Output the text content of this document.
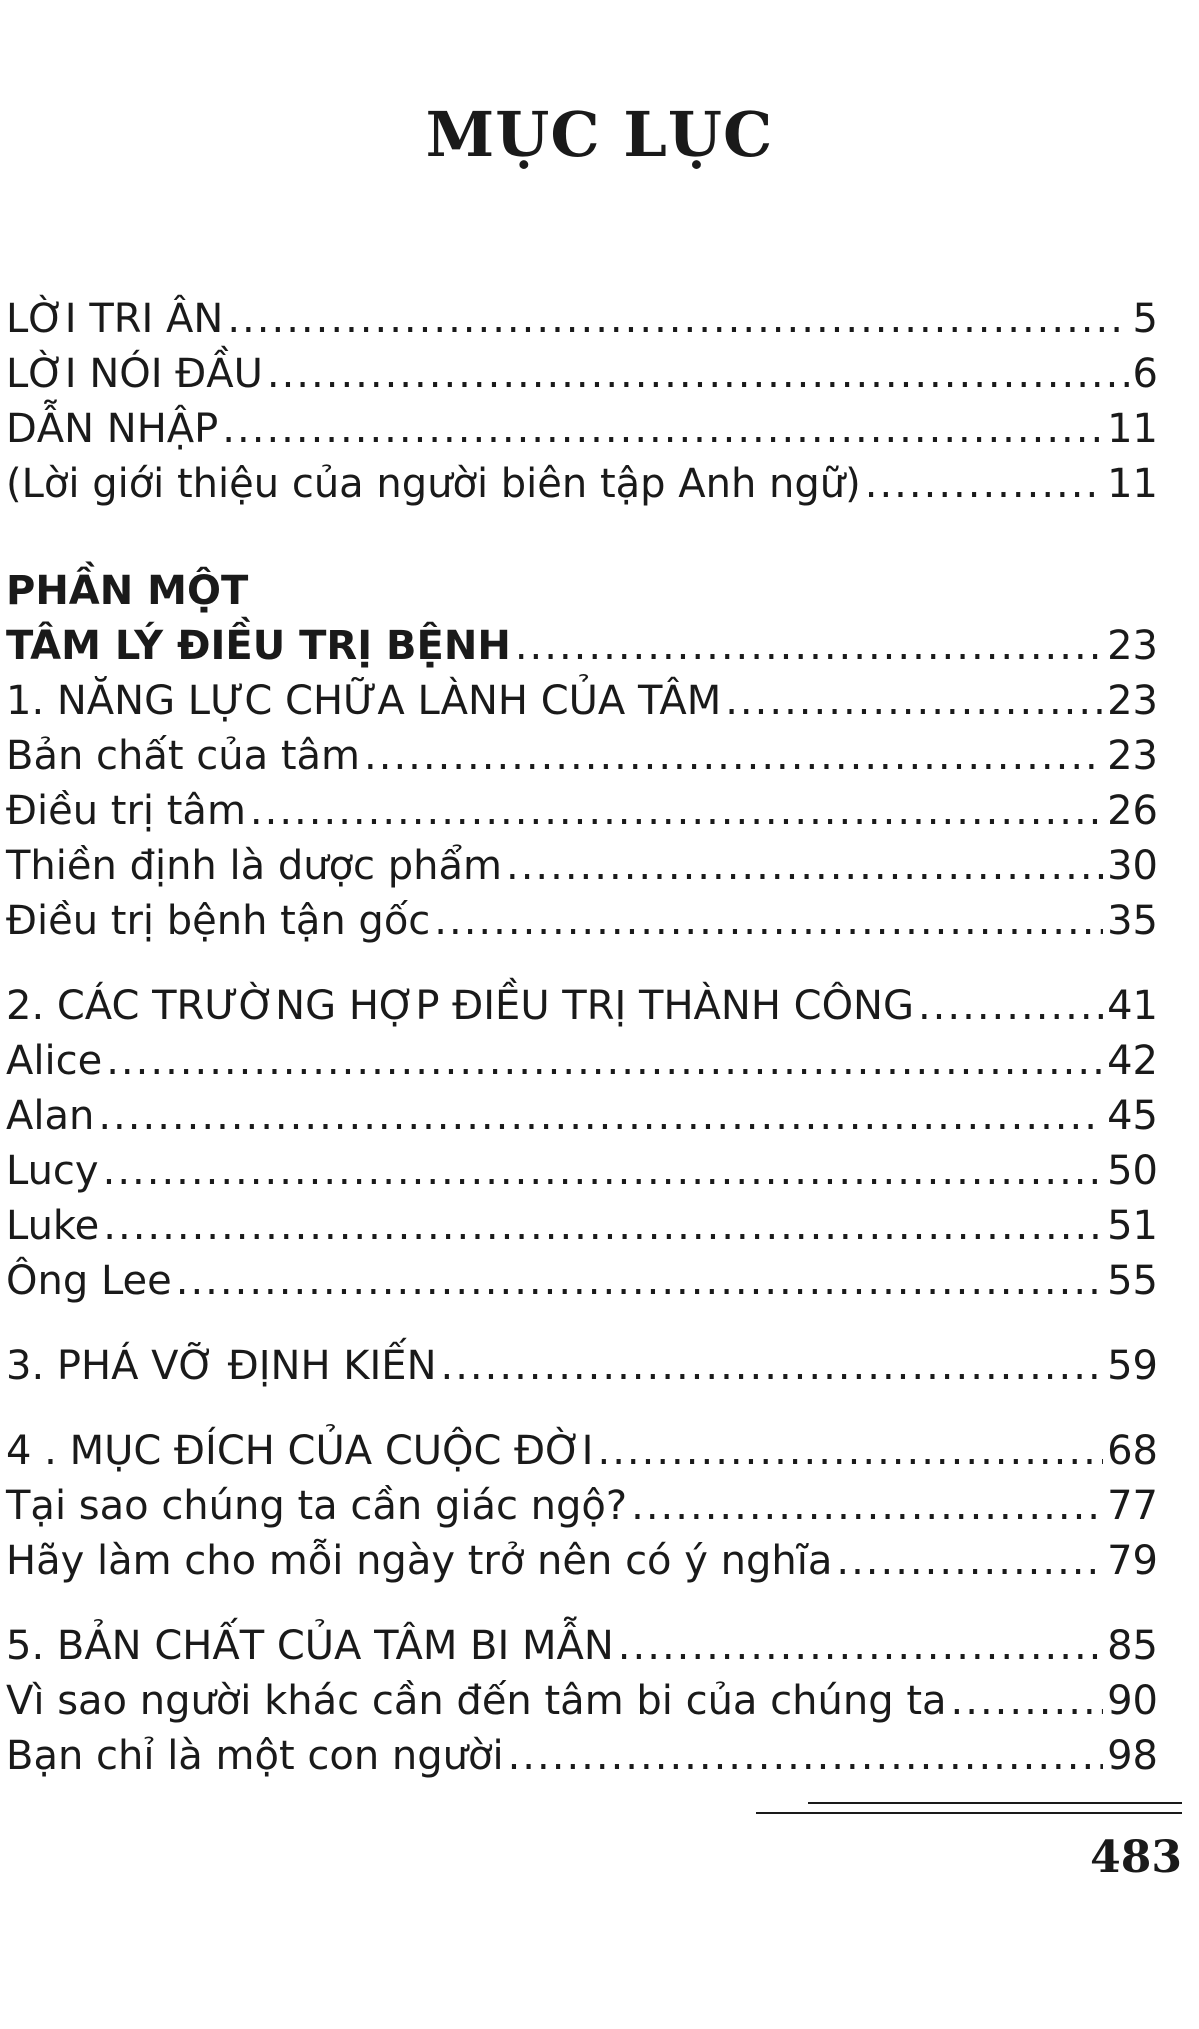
MỤC LỤC
LỜI TRI ÂN .....	5
LỜI NÓI ĐẦU .....	6
DẪN NHẬP .....	11
(Lời giới thiệu của người biên tập Anh ngữ) .....	11
PHẦN MỘT
TÂM LÝ ĐIỀU TRỊ BỆNH .....	23
1. NĂNG LỰC CHỮA LÀNH CỦA TÂM .....	23
Bản chất của tâm .....	23
Điều trị tâm .....	26
Thiền định là dược phẩm .....	30
Điều trị bệnh tận gốc .....	35
2. CÁC TRƯỜNG HỢP ĐIỀU TRỊ THÀNH CÔNG .....	41
Alice .....	42
Alan .....	45
Lucy .....	50
Luke .....	51
Ông Lee .....	55
3. PHÁ VỠ ĐỊNH KIẾN .....	59
4 . MỤC ĐÍCH CỦA CUỘC ĐỜI .....	68
Tại sao chúng ta cần giác ngộ? .....	77
Hãy làm cho mỗi ngày trở nên có ý nghĩa .....	79
5. BẢN CHẤT CỦA TÂM BI MẪN .....	85
Vì sao người khác cần đến tâm bi của chúng ta .....	90
Bạn chỉ là một con người .....	98
483
